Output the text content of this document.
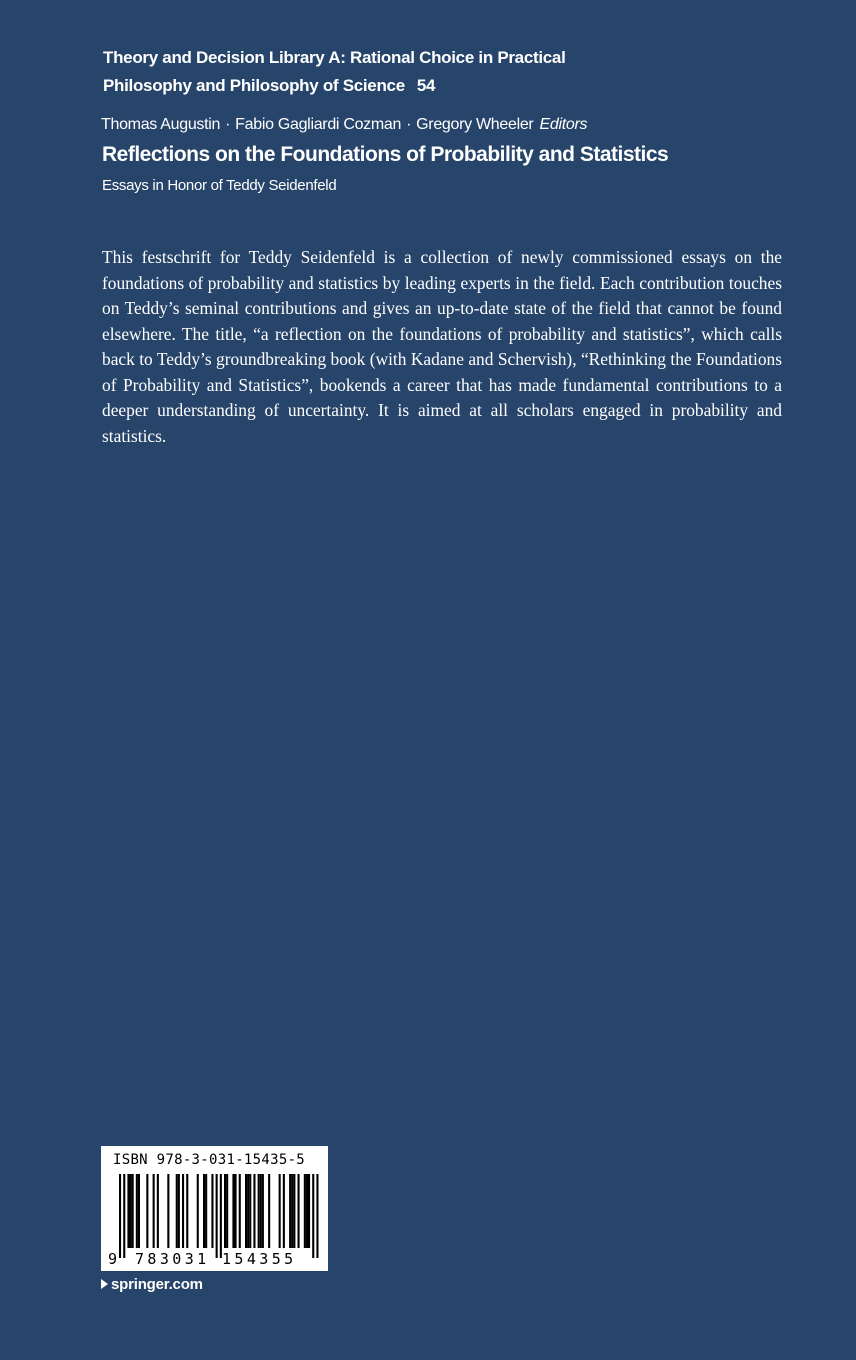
Theory and Decision Library A: Rational Choice in Practical
Philosophy and Philosophy of Science 54
Thomas Augustin · Fabio Gagliardi Cozman · Gregory Wheeler Editors
Reflections on the Foundations of Probability and Statistics
Essays in Honor of Teddy Seidenfeld

This festschrift for Teddy Seidenfeld is a collection of newly commissioned essays on the foundations of probability and statistics by leading experts in the field. Each contribution touches on Teddy’s seminal contributions and gives an up-to-date state of the field that cannot be found elsewhere. The title, “a reflection on the foundations of probability and statistics”, which calls back to Teddy’s groundbreaking book (with Kadane and Schervish), “Rethinking the Foundations of Probability and Statistics”, bookends a career that has made fundamental contributions to a deeper understanding of uncertainty. It is aimed at all scholars engaged in probability and statistics.

ISBN 978-3-031-15435-5
9 783031 154355
springer.com
